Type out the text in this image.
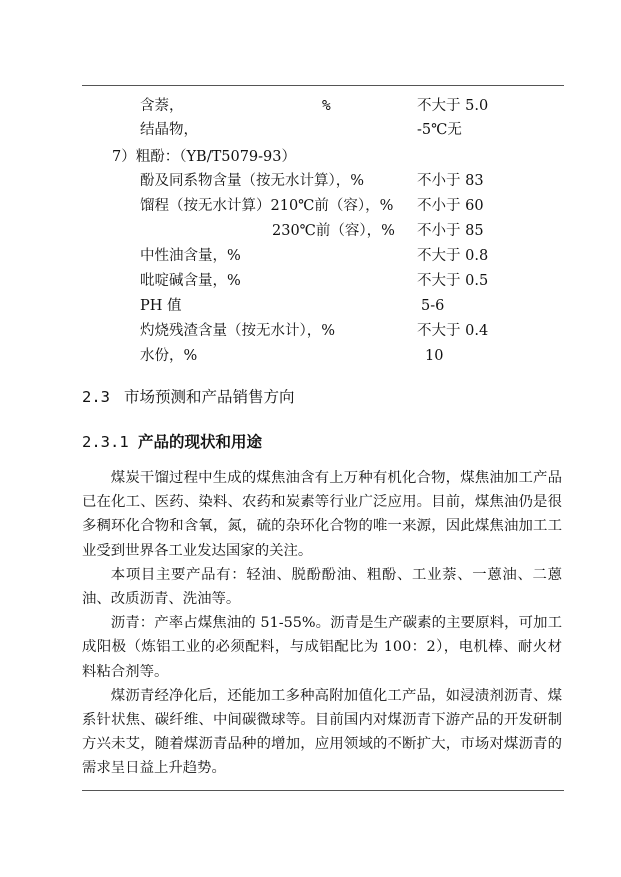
含萘，	%	不大于 5.0
结晶物，	-5℃无
7）粗酚：（YB/T5079-93）
酚及同系物含量（按无水计算），%	不小于 83
馏程（按无水计算）210℃前（容），% 不小于 60
230℃前（容），% 不小于 85
中性油含量，%	不大于 0.8
吡啶碱含量，%	不大于 0.5
PH 值	5-6
灼烧残渣含量（按无水计），%	不大于 0.4
水份，%	10
2.3 市场预测和产品销售方向
2.3.1 产品的现状和用途

煤炭干馏过程中生成的煤焦油含有上万种有机化合物，煤焦油加工产品已在化工、医药、染料、农药和炭素等行业广泛应用。目前，煤焦油仍是很多稠环化合物和含氧，氮，硫的杂环化合物的唯一来源，因此煤焦油加工工业受到世界各工业发达国家的关注。

本项目主要产品有：轻油、脱酚酚油、粗酚、工业萘、一蒽油、二蒽油、改质沥青、洗油等。

沥青：产率占煤焦油的 51-55%。沥青是生产碳素的主要原料，可加工成阳极（炼铝工业的必须配料，与成铝配比为 100：2），电机棒、耐火材料粘合剂等。

煤沥青经净化后，还能加工多种高附加值化工产品，如浸渍剂沥青、煤系针状焦、碳纤维、中间碳微球等。目前国内对煤沥青下游产品的开发研制方兴未艾，随着煤沥青品种的增加，应用领域的不断扩大，市场对煤沥青的需求呈日益上升趋势。
